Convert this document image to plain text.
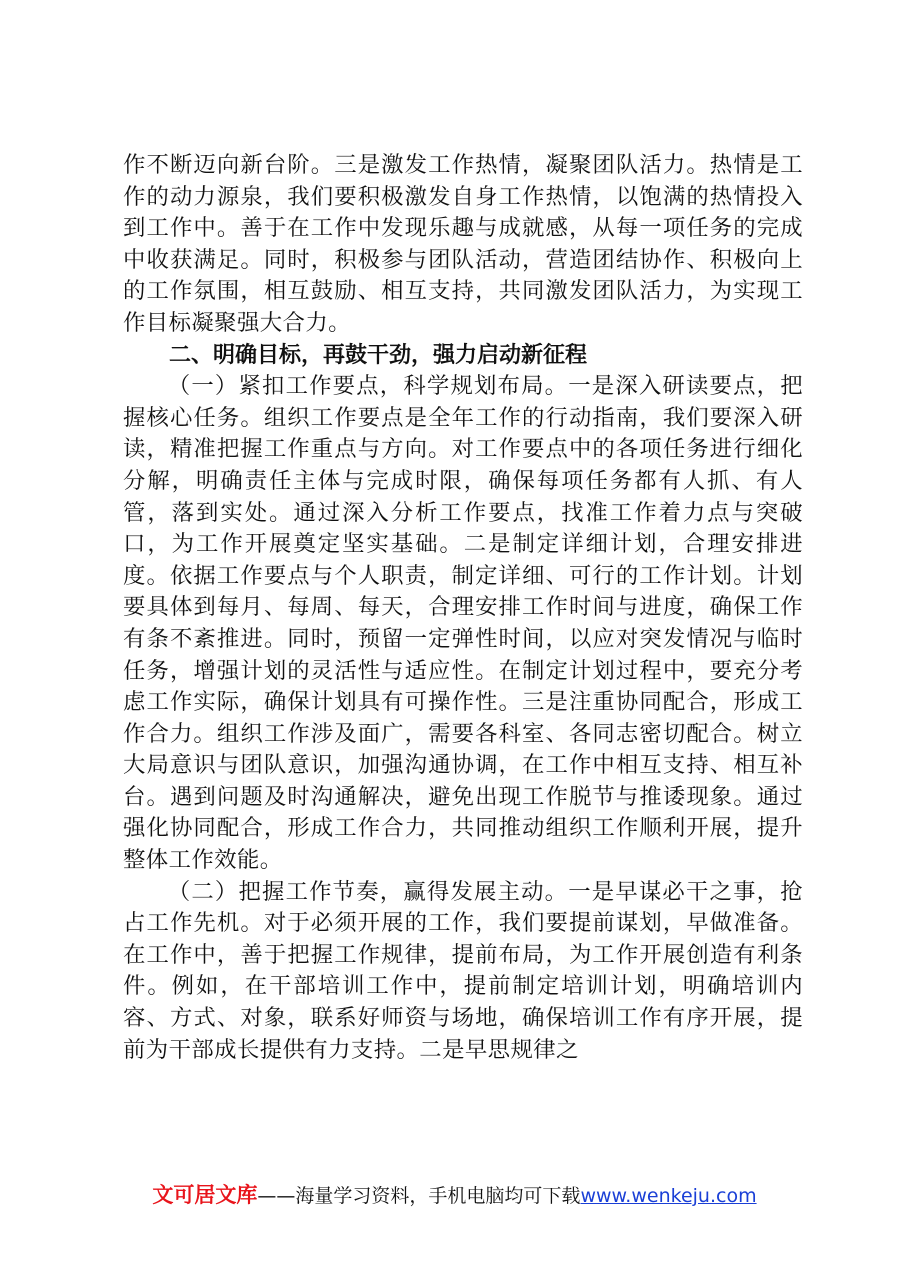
作不断迈向新台阶。三是激发工作热情，凝聚团队活力。热情是工作的动力源泉，我们要积极激发自身工作热情，以饱满的热情投入到工作中。善于在工作中发现乐趣与成就感，从每一项任务的完成中收获满足。同时，积极参与团队活动，营造团结协作、积极向上的工作氛围，相互鼓励、相互支持，共同激发团队活力，为实现工作目标凝聚强大合力。

二、明确目标，再鼓干劲，强力启动新征程

（一）紧扣工作要点，科学规划布局。一是深入研读要点，把握核心任务。组织工作要点是全年工作的行动指南，我们要深入研读，精准把握工作重点与方向。对工作要点中的各项任务进行细化分解，明确责任主体与完成时限，确保每项任务都有人抓、有人管，落到实处。通过深入分析工作要点，找准工作着力点与突破口，为工作开展奠定坚实基础。二是制定详细计划，合理安排进度。依据工作要点与个人职责，制定详细、可行的工作计划。计划要具体到每月、每周、每天，合理安排工作时间与进度，确保工作有条不紊推进。同时，预留一定弹性时间，以应对突发情况与临时任务，增强计划的灵活性与适应性。在制定计划过程中，要充分考虑工作实际，确保计划具有可操作性。三是注重协同配合，形成工作合力。组织工作涉及面广，需要各科室、各同志密切配合。树立大局意识与团队意识，加强沟通协调，在工作中相互支持、相互补台。遇到问题及时沟通解决，避免出现工作脱节与推诿现象。通过强化协同配合，形成工作合力，共同推动组织工作顺利开展，提升整体工作效能。

（二）把握工作节奏，赢得发展主动。一是早谋必干之事，抢占工作先机。对于必须开展的工作，我们要提前谋划，早做准备。在工作中，善于把握工作规律，提前布局，为工作开展创造有利条件。例如，在干部培训工作中，提前制定培训计划，明确培训内容、方式、对象，联系好师资与场地，确保培训工作有序开展，提前为干部成长提供有力支持。二是早思规律之

文可居文库——海量学习资料，手机电脑均可下载www.wenkeju.com
